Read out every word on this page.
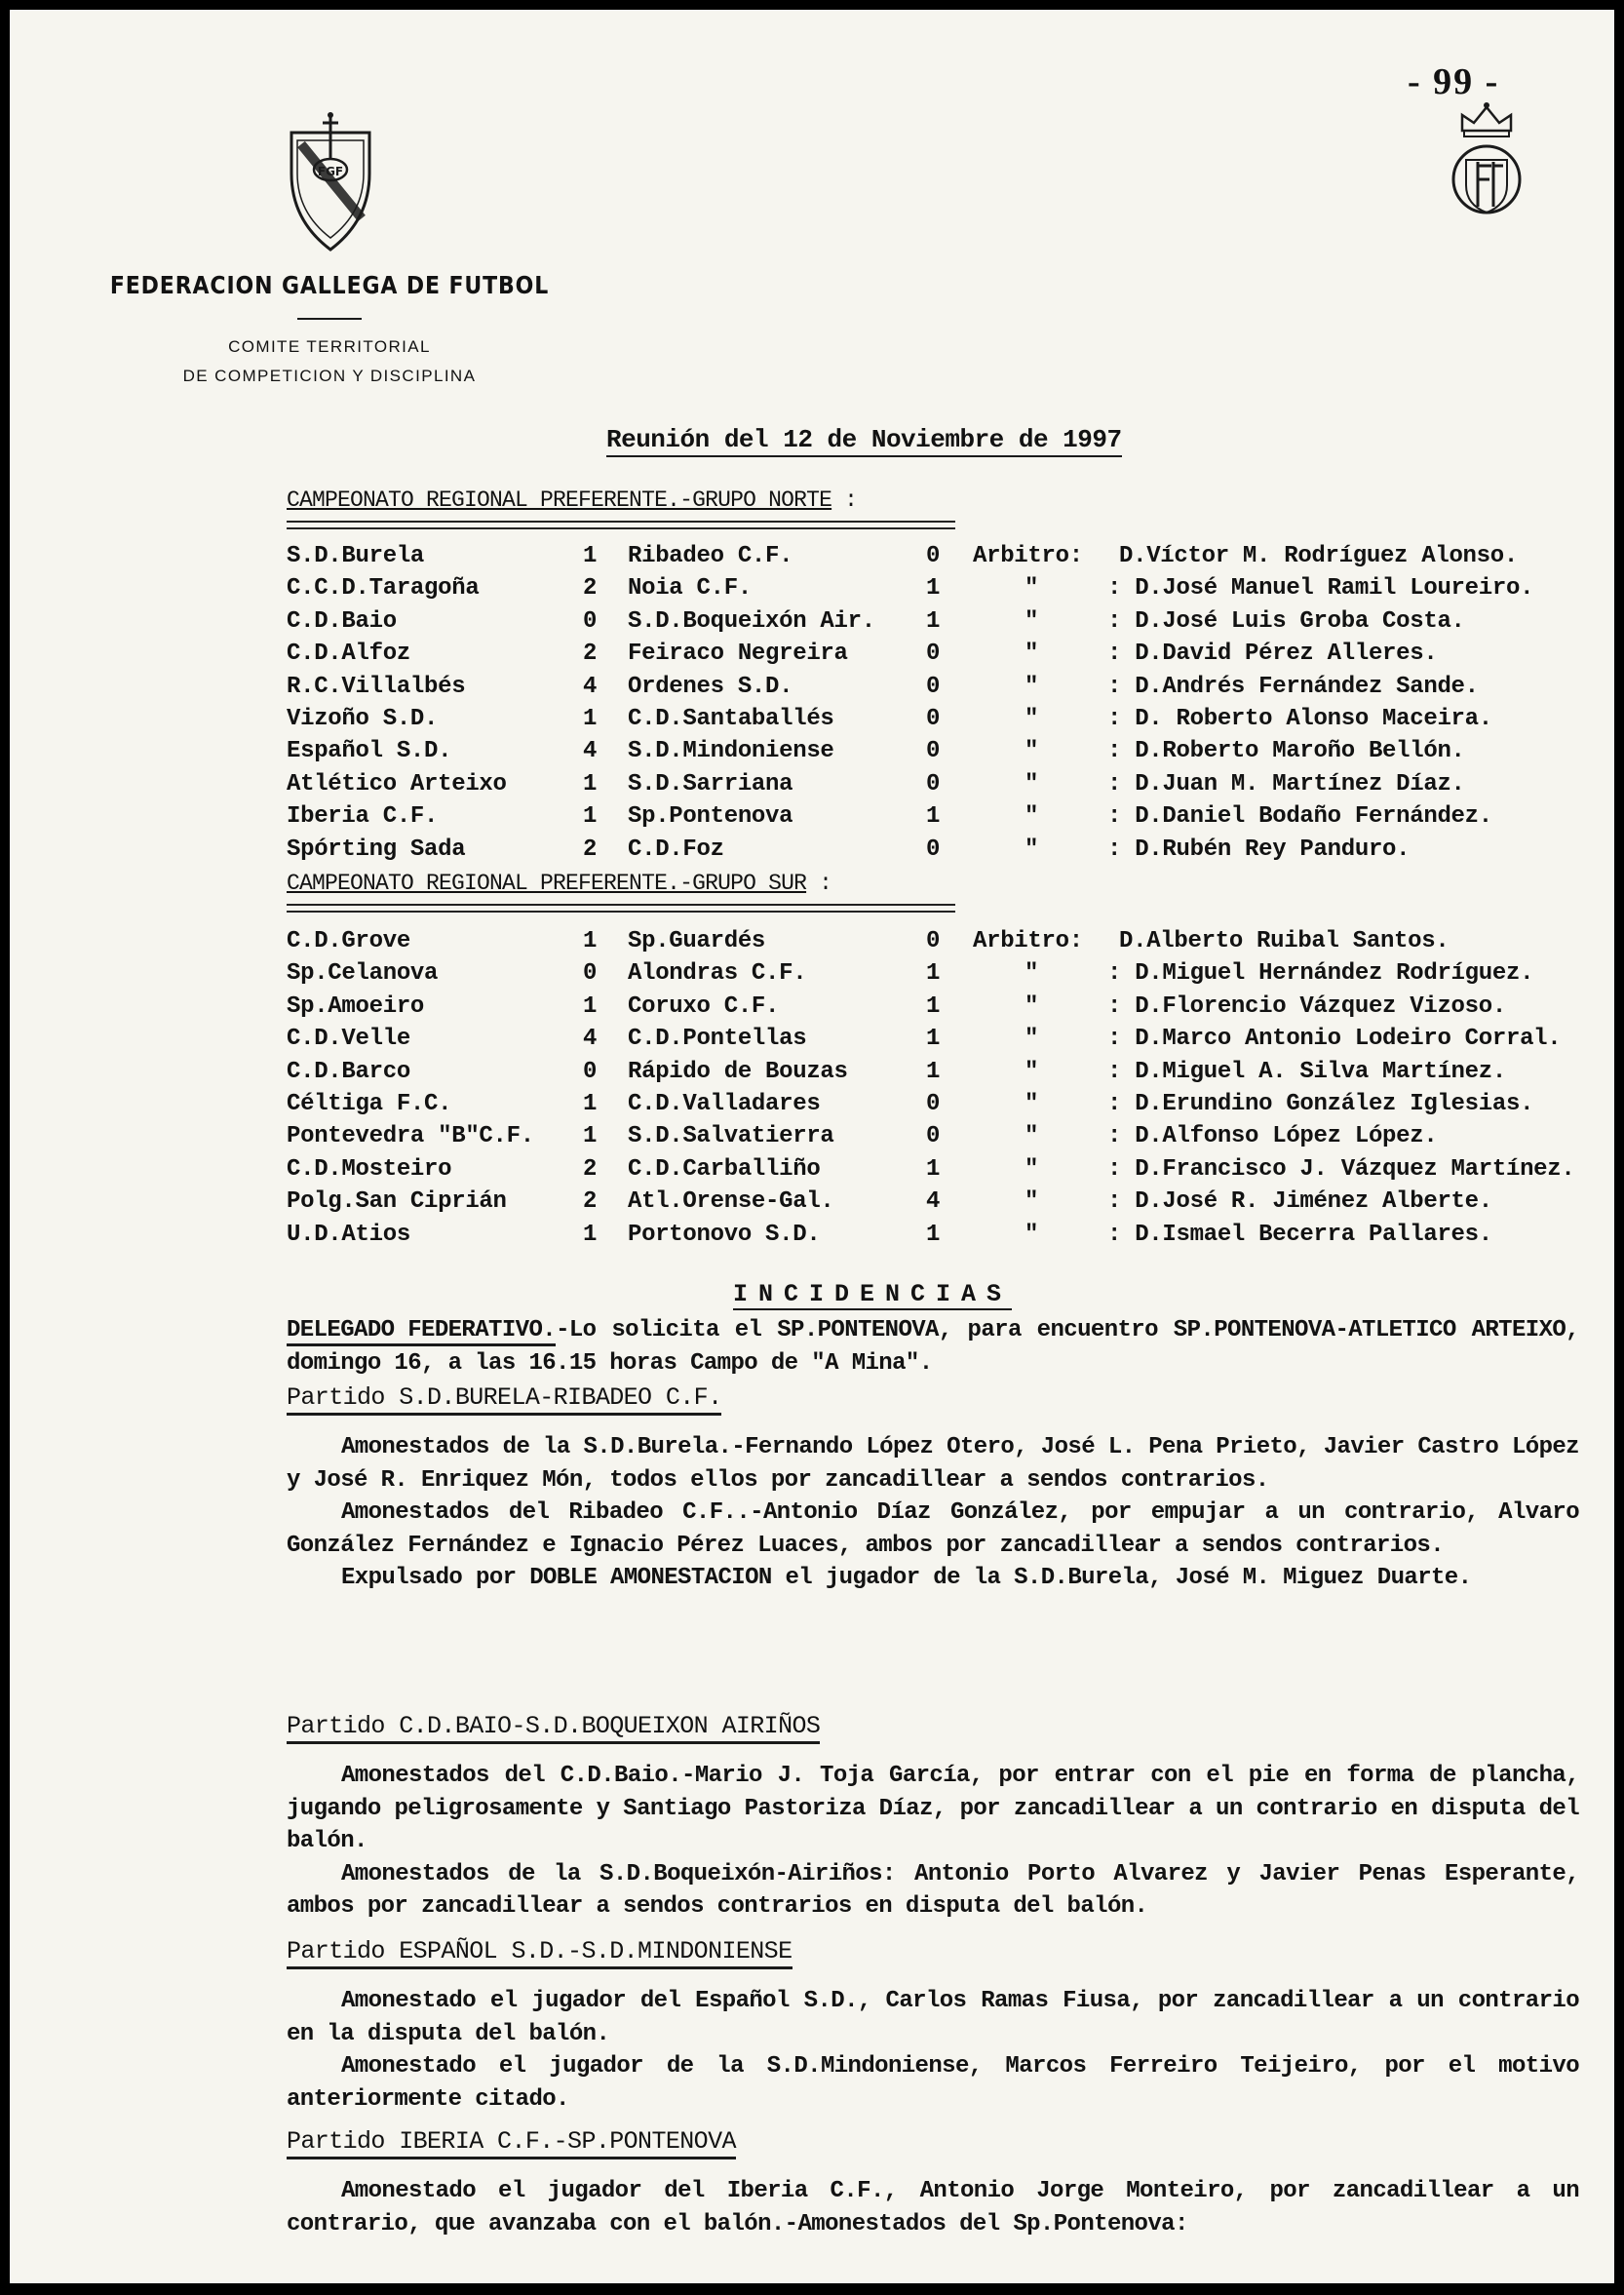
- 99 -
FGF
FEDERACION GALLEGA DE FUTBOL
COMITE TERRITORIAL
DE COMPETICION Y DISCIPLINA
Reunión del 12 de Noviembre de 1997
CAMPEONATO REGIONAL PREFERENTE.-GRUPO NORTE :
S.D.Burela	1 Ribadeo C.F.	0 Arbitro: D.Víctor M. Rodríguez Alonso.
C.C.D.Taragoña	2 Noia C.F.	1	"	: D.José Manuel Ramil Loureiro.
C.D.Baio	0 S.D.Boqueixón Air. 1	"	: D.José Luis Groba Costa.
C.D.Alfoz	2 Feiraco Negreira	0	"	: D.David Pérez Alleres.
R.C.Villalbés	4 Ordenes S.D.	0	"	: D.Andrés Fernández Sande.
Vizoño S.D.	1 C.D.Santaballés	0	"	: D. Roberto Alonso Maceira.
Español S.D.	4 S.D.Mindoniense	0	"	: D.Roberto Maroño Bellón.
Atlético Arteixo	1 S.D.Sarriana	0	"	: D.Juan M. Martínez Díaz.
Iberia C.F.	1 Sp.Pontenova	1	"	: D.Daniel Bodaño Fernández.
Spórting Sada	2 C.D.Foz	0	"	: D.Rubén Rey Panduro.
CAMPEONATO REGIONAL PREFERENTE.-GRUPO SUR :
C.D.Grove	1 Sp.Guardés	0 Arbitro: D.Alberto Ruibal Santos.
Sp.Celanova	0 Alondras C.F.	1	"	: D.Miguel Hernández Rodríguez.
Sp.Amoeiro	1 Coruxo C.F.	1	"	: D.Florencio Vázquez Vizoso.
C.D.Velle	4 C.D.Pontellas	1	"	: D.Marco Antonio Lodeiro Corral.
C.D.Barco	0 Rápido de Bouzas	1	"	: D.Miguel A. Silva Martínez.
Céltiga F.C.	1 C.D.Valladares	0	"	: D.Erundino González Iglesias.
Pontevedra "B"C.F. 1 S.D.Salvatierra	0	"	: D.Alfonso López López.
C.D.Mosteiro	2 C.D.Carballiño	1	"	: D.Francisco J. Vázquez Martínez.
Polg.San Ciprián	2 Atl.Orense-Gal.	4	"	: D.José R. Jiménez Alberte.
U.D.Atios	1 Portonovo S.D.	1	"	: D.Ismael Becerra Pallares.
INCIDENCIAS

DELEGADO FEDERATIVO.-Lo solicita el SP.PONTENOVA, para encuentro SP.PONTENOVA-ATLETICO ARTEIXO, domingo 16, a las 16.15 horas Campo de "A Mina".

Partido S.D.BURELA-RIBADEO C.F.

Amonestados de la S.D.Burela.-Fernando López Otero, José L. Pena Prieto, Javier Castro López y José R. Enriquez Món, todos ellos por zancadillear a sendos contrarios.

Amonestados del Ribadeo C.F..-Antonio Díaz González, por empujar a un contrario, Alvaro González Fernández e Ignacio Pérez Luaces, ambos por zancadillear a sendos contrarios.

Expulsado por DOBLE AMONESTACION el jugador de la S.D.Burela, José M. Miguez Duarte.

Partido C.D.BAIO-S.D.BOQUEIXON AIRIÑOS

Amonestados del C.D.Baio.-Mario J. Toja García, por entrar con el pie en forma de plancha, jugando peligrosamente y Santiago Pastoriza Díaz, por zancadillear a un contrario en disputa del balón.

Amonestados de la S.D.Boqueixón-Airiños: Antonio Porto Alvarez y Javier Penas Esperante, ambos por zancadillear a sendos contrarios en disputa del balón.

Partido ESPAÑOL S.D.-S.D.MINDONIENSE

Amonestado el jugador del Español S.D., Carlos Ramas Fiusa, por zancadillear a un contrario en la disputa del balón.

Amonestado el jugador de la S.D.Mindoniense, Marcos Ferreiro Teijeiro, por el motivo anteriormente citado.

Partido IBERIA C.F.-SP.PONTENOVA

Amonestado el jugador del Iberia C.F., Antonio Jorge Monteiro, por zancadillear a un contrario, que avanzaba con el balón.-Amonestados del Sp.Pontenova:
